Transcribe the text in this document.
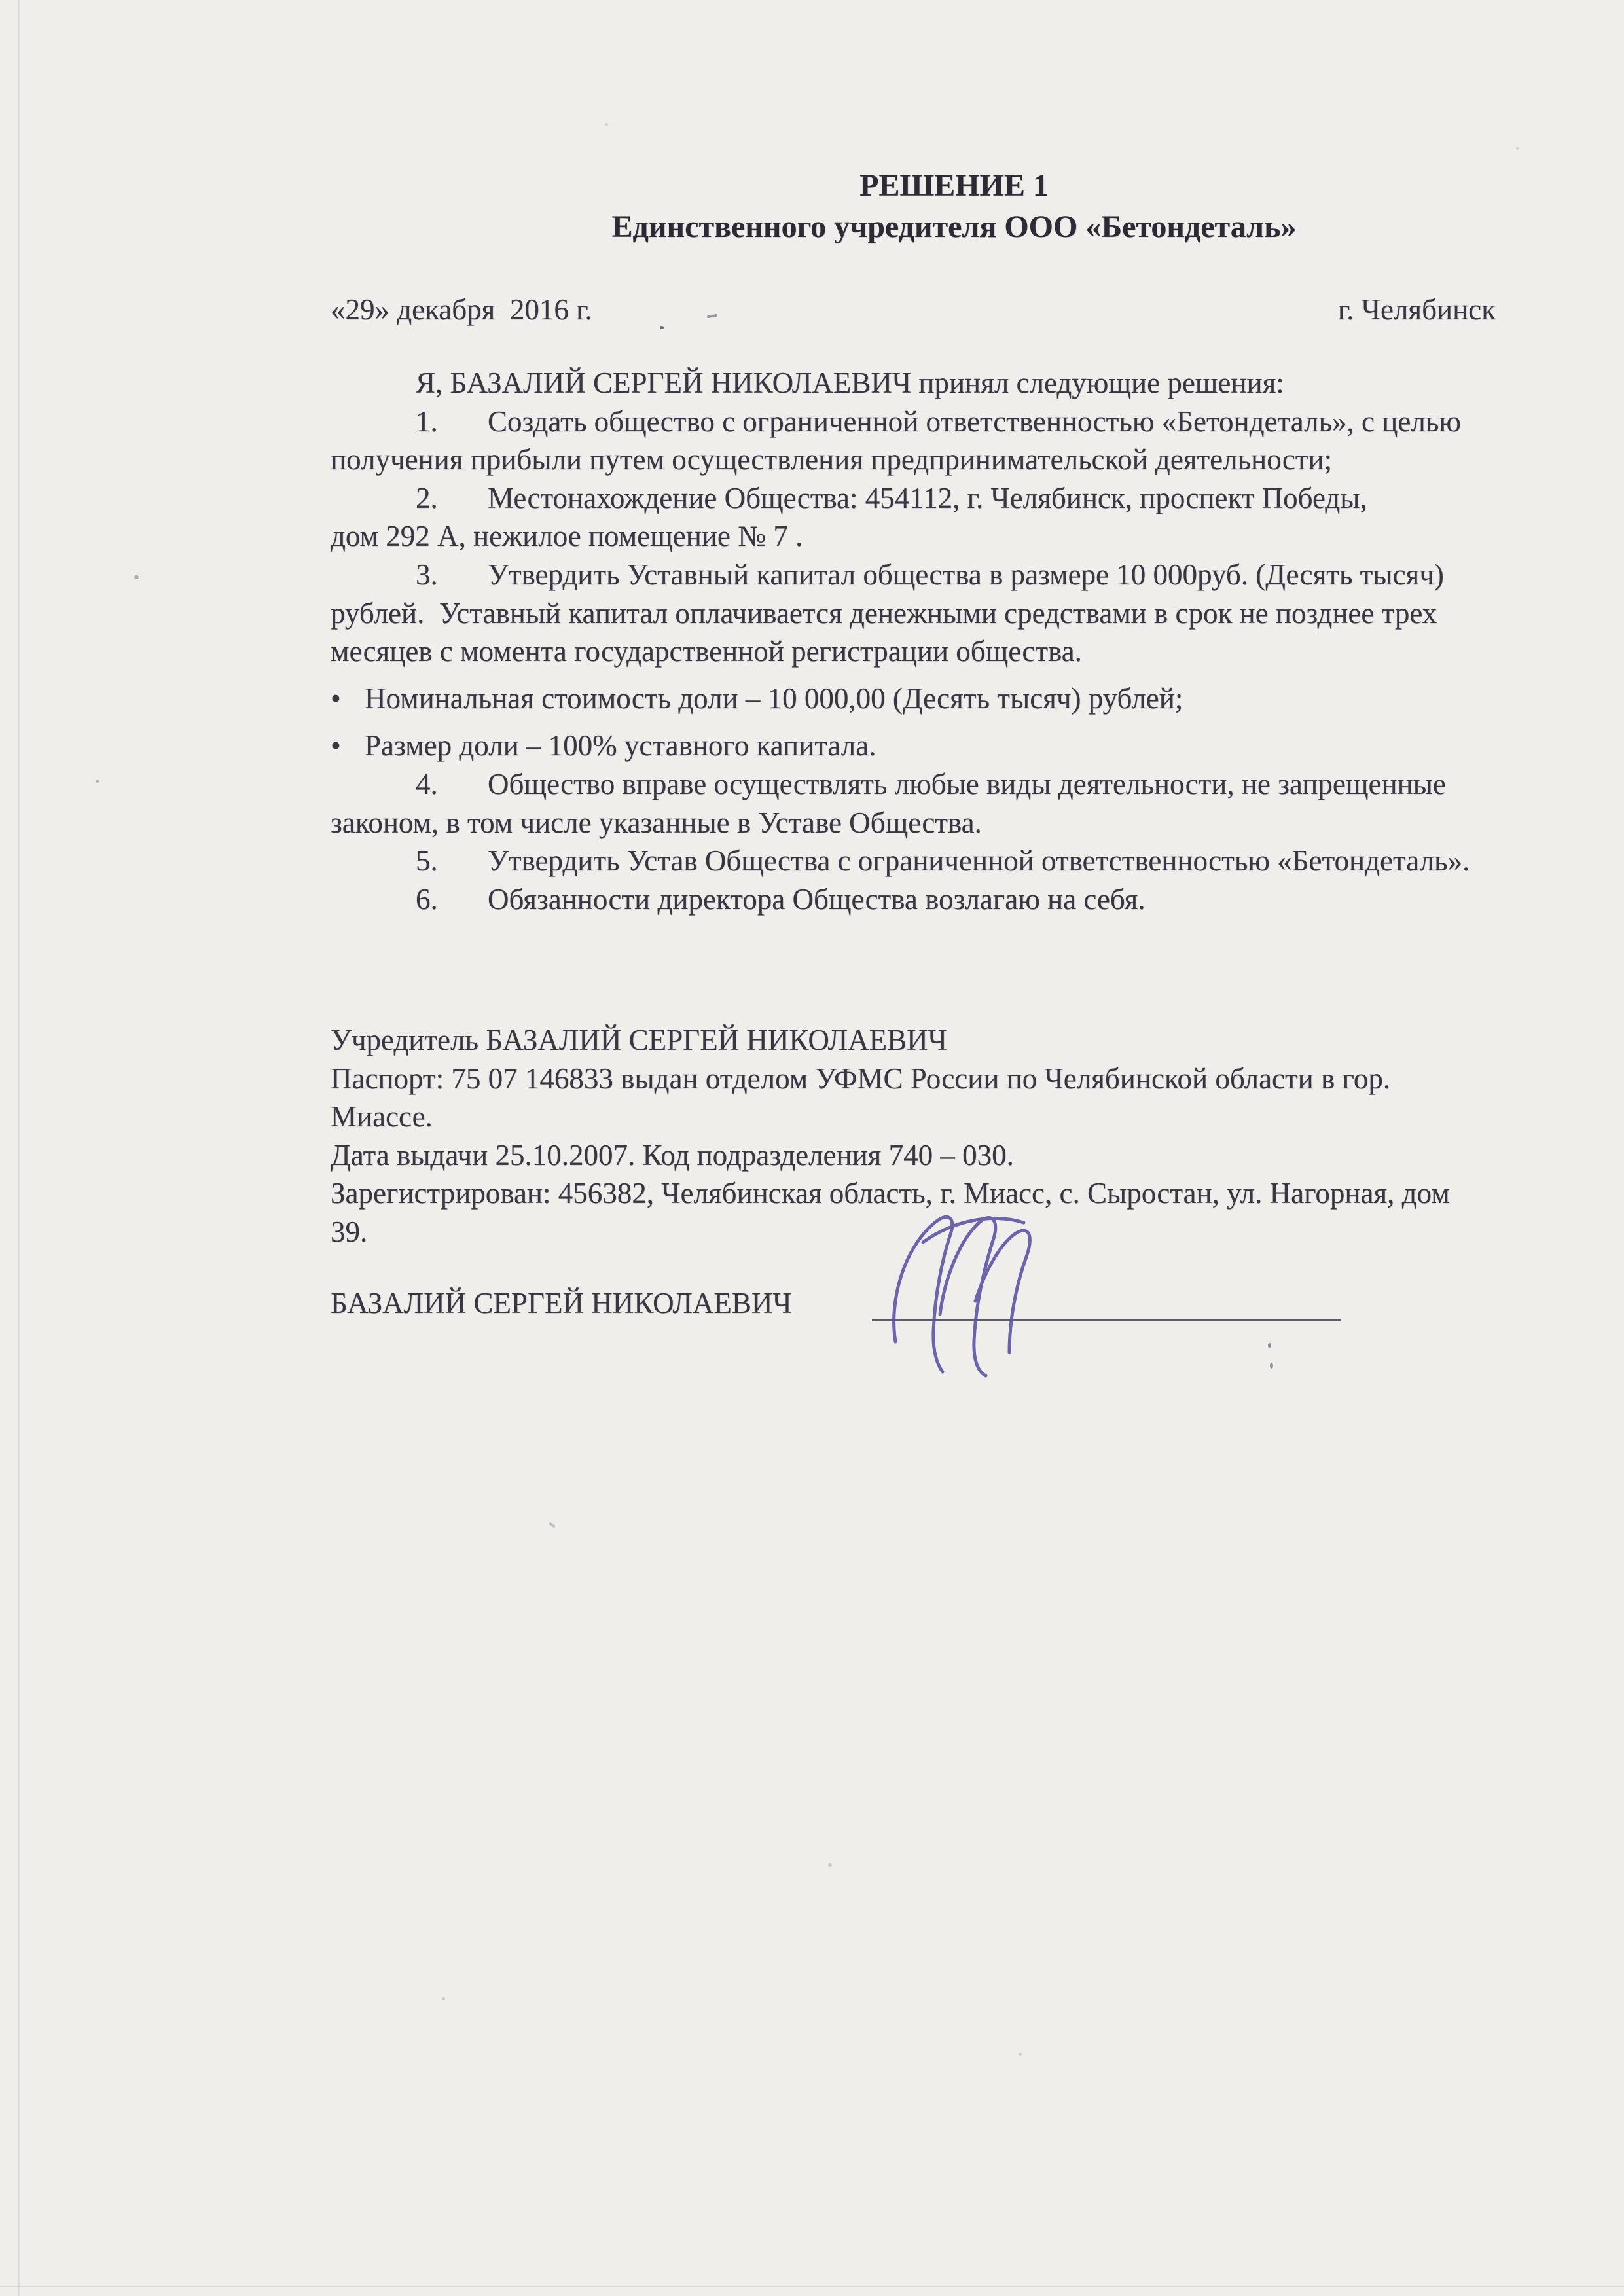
РЕШЕНИЕ 1
Единственного учредителя ООО «Бетондеталь»
«29» декабря  2016 г.	г. Челябинск
Я, БАЗАЛИЙ СЕРГЕЙ НИКОЛАЕВИЧ принял следующие решения:
1. Создать общество с ограниченной ответственностью «Бетондеталь», с целью
получения прибыли путем осуществления предпринимательской деятельности;
2. Местонахождение Общества: 454112, г. Челябинск, проспект Победы,
дом 292 А, нежилое помещение № 7 .
3. Утвердить Уставный капитал общества в размере 10 000руб. (Десять тысяч)
рублей.  Уставный капитал оплачивается денежными средствами в срок не позднее трех
месяцев с момента государственной регистрации общества.
• Номинальная стоимость доли – 10 000,00 (Десять тысяч) рублей;
• Размер доли – 100% уставного капитала.
4. Общество вправе осуществлять любые виды деятельности, не запрещенные
законом, в том числе указанные в Уставе Общества.
5. Утвердить Устав Общества с ограниченной ответственностью «Бетондеталь».
6. Обязанности директора Общества возлагаю на себя.
Учредитель БАЗАЛИЙ СЕРГЕЙ НИКОЛАЕВИЧ
Паспорт: 75 07 146833 выдан отделом УФМС России по Челябинской области в гор.
Миассе.
Дата выдачи 25.10.2007. Код подразделения 740 – 030.
Зарегистрирован: 456382, Челябинская область, г. Миасс, с. Сыростан, ул. Нагорная, дом
39.
БАЗАЛИЙ СЕРГЕЙ НИКОЛАЕВИЧ
